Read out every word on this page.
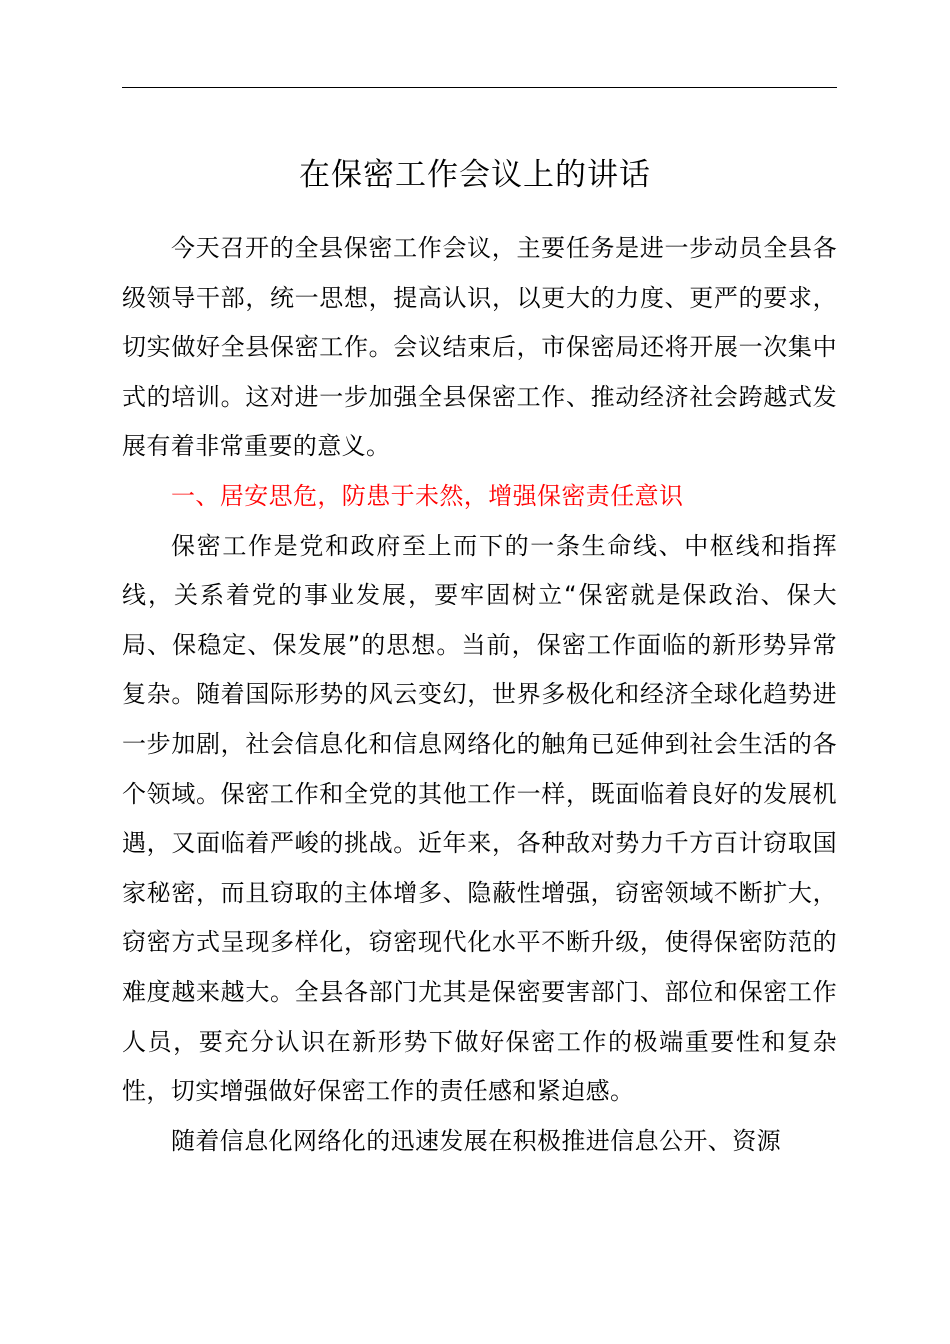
在保密工作会议上的讲话

今天召开的全县保密工作会议，主要任务是进一步动员全县各级领导干部，统一思想，提高认识，以更大的力度、更严的要求，切实做好全县保密工作。会议结束后，市保密局还将开展一次集中式的培训。这对进一步加强全县保密工作、推动经济社会跨越式发展有着非常重要的意义。

一、居安思危，防患于未然，增强保密责任意识

保密工作是党和政府至上而下的一条生命线、中枢线和指挥线，关系着党的事业发展，要牢固树立“保密就是保政治、保大局、保稳定、保发展”的思想。当前，保密工作面临的新形势异常复杂。随着国际形势的风云变幻，世界多极化和经济全球化趋势进一步加剧，社会信息化和信息网络化的触角已延伸到社会生活的各个领域。保密工作和全党的其他工作一样，既面临着良好的发展机遇，又面临着严峻的挑战。近年来，各种敌对势力千方百计窃取国家秘密，而且窃取的主体增多、隐蔽性增强，窃密领域不断扩大，窃密方式呈现多样化，窃密现代化水平不断升级，使得保密防范的难度越来越大。全县各部门尤其是保密要害部门、部位和保密工作人员，要充分认识在新形势下做好保密工作的极端重要性和复杂性，切实增强做好保密工作的责任感和紧迫感。

随着信息化网络化的迅速发展在积极推进信息公开、资源
